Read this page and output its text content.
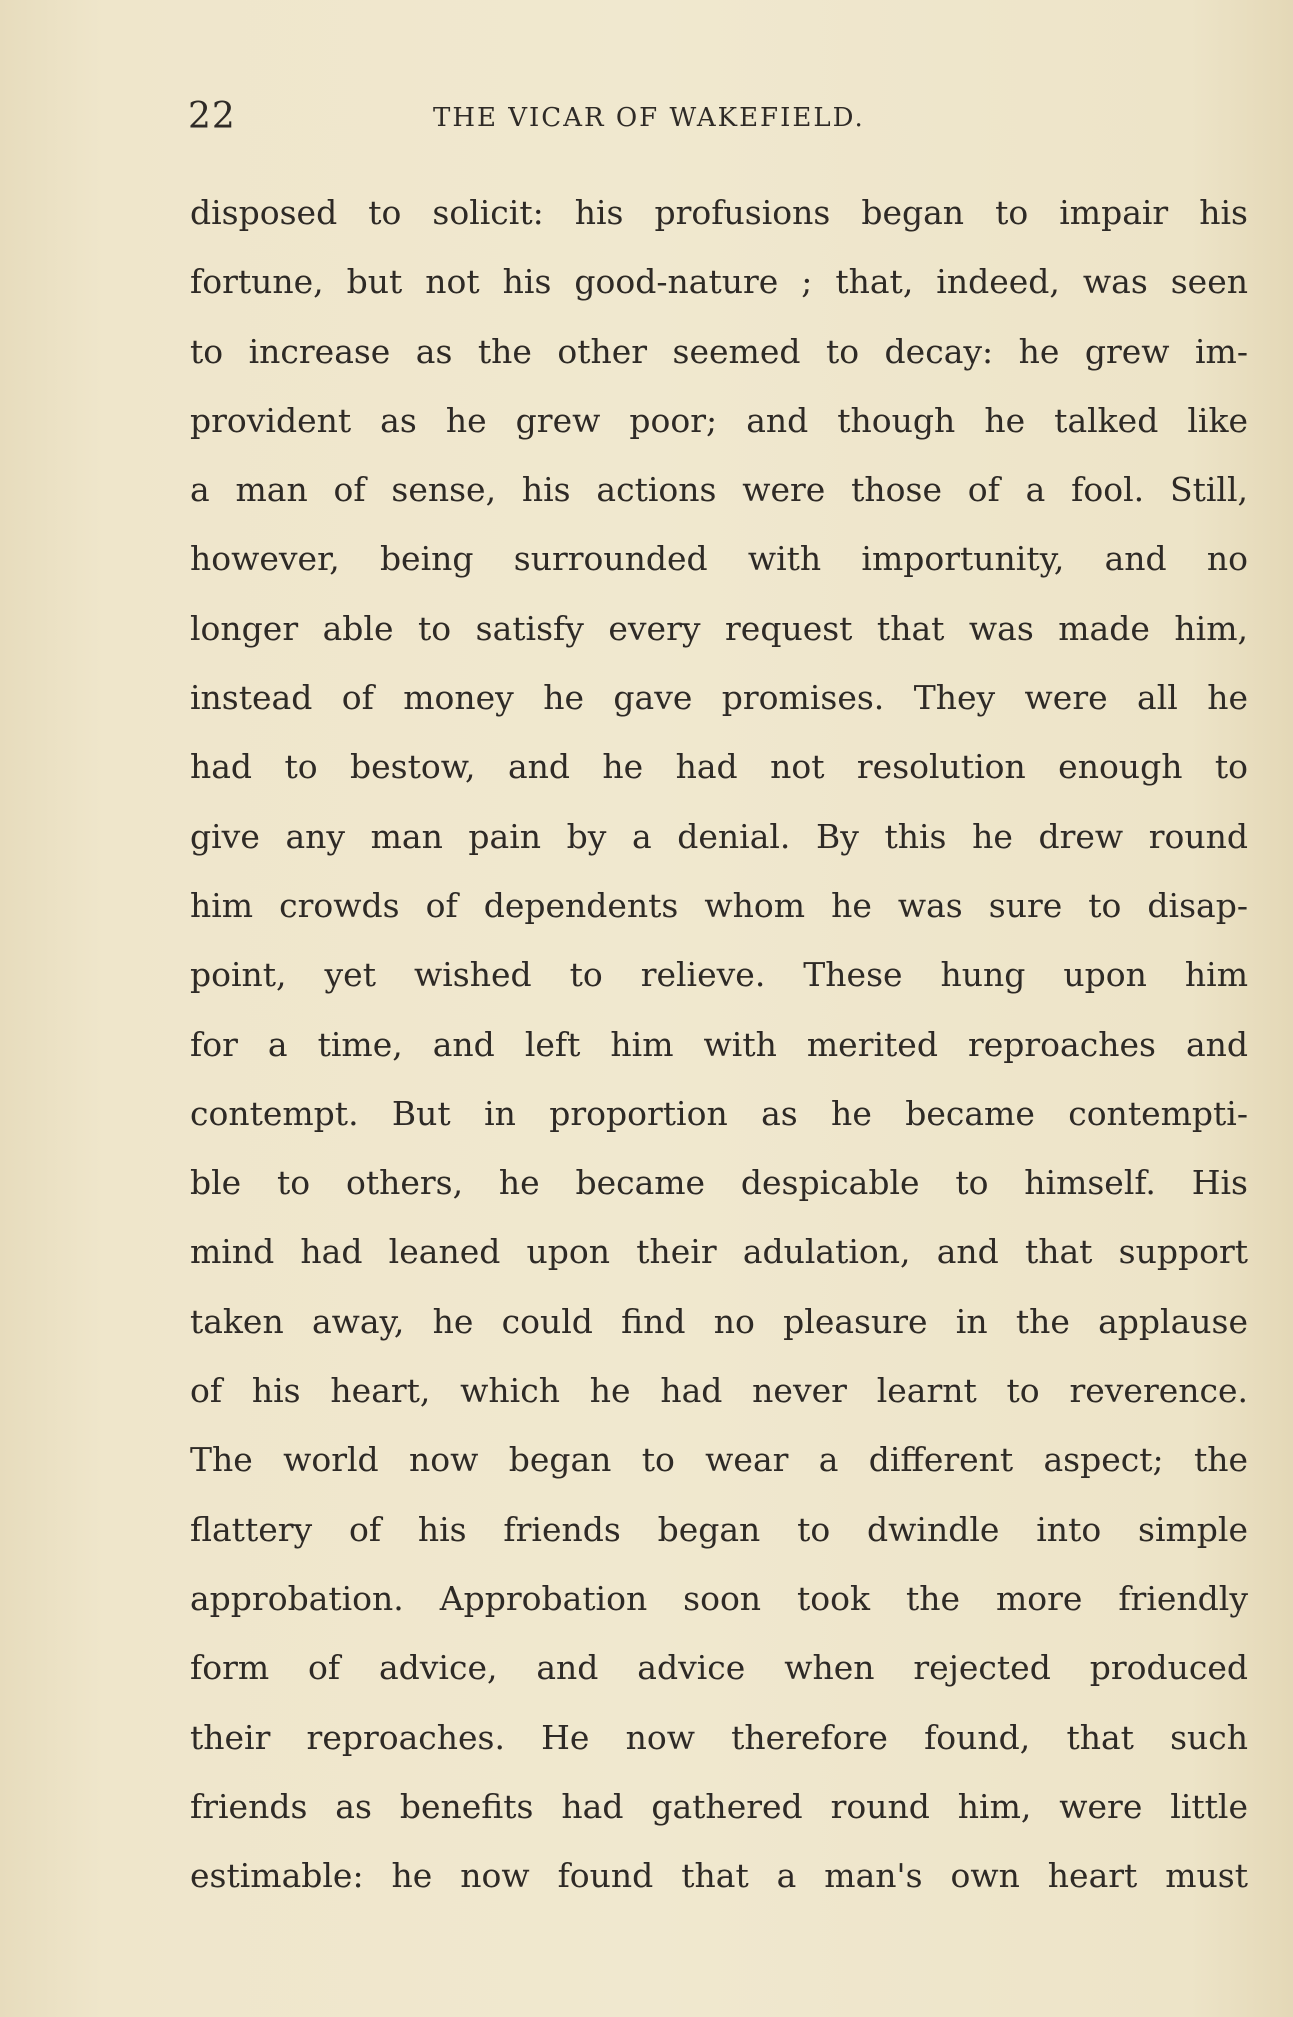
22	THE VICAR OF WAKEFIELD.
disposed to solicit: his profusions began to impair his
fortune, but not his good-nature ; that, indeed, was seen
to increase as the other seemed to decay: he grew im-
provident as he grew poor; and though he talked like
a man of sense, his actions were those of a fool. Still,
however, being surrounded with importunity, and no
longer able to satisfy every request that was made him,
instead of money he gave promises. They were all he
had to bestow, and he had not resolution enough to
give any man pain by a denial. By this he drew round
him crowds of dependents whom he was sure to disap-
point, yet wished to relieve. These hung upon him
for a time, and left him with merited reproaches and
contempt. But in proportion as he became contempti-
ble to others, he became despicable to himself. His
mind had leaned upon their adulation, and that support
taken away, he could find no pleasure in the applause
of his heart, which he had never learnt to reverence.
The world now began to wear a different aspect; the
flattery of his friends began to dwindle into simple
approbation. Approbation soon took the more friendly
form of advice, and advice when rejected produced
their reproaches. He now therefore found, that such
friends as benefits had gathered round him, were little
estimable: he now found that a man's own heart must
